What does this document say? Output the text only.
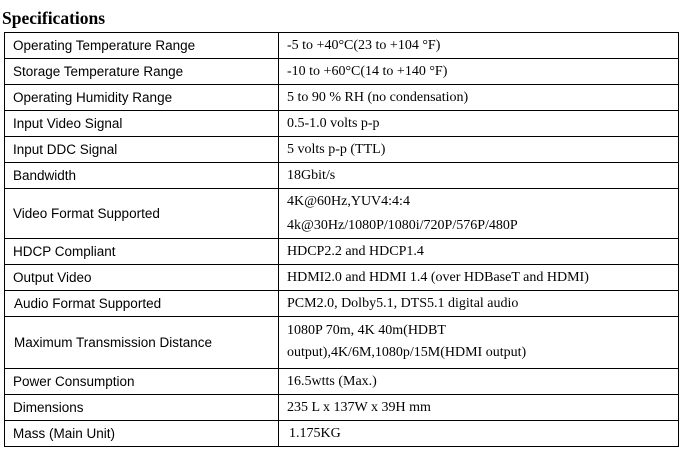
Specifications
Operating Temperature Range	-5 to +40°C(23 to +104 °F)
Storage Temperature Range	-10 to +60°C(14 to +140 °F)
Operating Humidity Range	5 to 90 % RH (no condensation)
Input Video Signal	0.5-1.0 volts p-p
Input DDC Signal	5 volts p-p (TTL)
Bandwidth	18Gbit/s
Video Format Supported	4K@60Hz,YUV4:4:4
4k@30Hz/1080P/1080i/720P/576P/480P

HDCP Compliant	HDCP2.2 and HDCP1.4
Output Video	HDMI2.0 and HDMI 1.4 (over HDBaseT and HDMI)
Audio Format Supported	PCM2.0, Dolby5.1, DTS5.1 digital audio
Maximum Transmission Distance	1080P 70m, 4K 40m(HDBT
output),4K/6M,1080p/15M(HDMI output)

Power Consumption	16.5wtts (Max.)
Dimensions	235 L x 137W x 39H mm
Mass (Main Unit)	1.175KG
